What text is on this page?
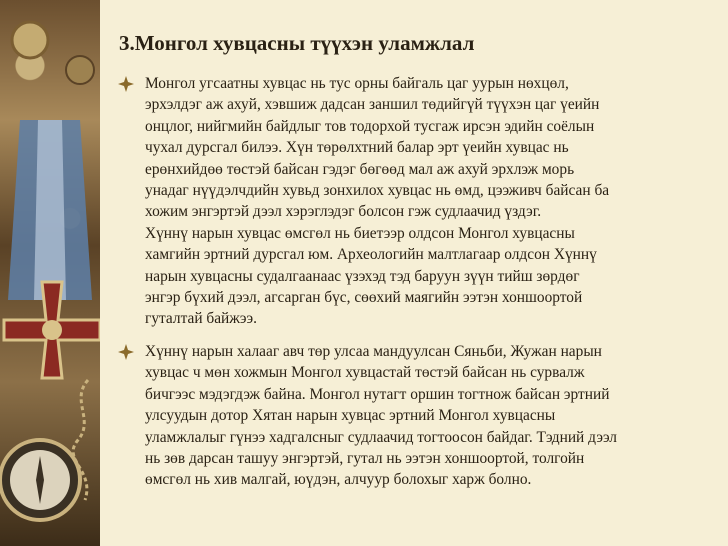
3.Монгол хувцасны түүхэн уламжлал
Монгол угсаатны хувцас нь тус орны байгаль цаг уурын нөхцөл,
эрхэлдэг аж ахуй, хэвшиж дадсан заншил төдийгүй түүхэн цаг үеийн
онцлог, нийгмийн байдлыг тов тодорхой тусгаж ирсэн эдийн соёлын
чухал дурсгал билээ. Хүн төрөлхтний балар эрт үеийн хувцас нь
ерөнхийдөө төстэй байсан гэдэг бөгөөд мал аж ахуй эрхлэж морь
унадаг нүүдэлчдийн хувьд зонхилох хувцас нь өмд, цээживч байсан ба
хожим энгэртэй дээл хэрэглэдэг болсон гэж судлаачид үздэг.
Хүннү нарын хувцас өмсгөл нь биетээр олдсон Монгол хувцасны
хамгийн эртний дурсгал юм. Археологийн малтлагаар олдсон Хүннү
нарын хувцасны судалгаанаас үзэхэд тэд баруун зүүн тийш зөрдөг
энгэр бүхий дээл, агсарган бүс, сөөхий маягийн ээтэн хоншоортой
гуталтай байжээ.
Хүннү нарын халааг авч төр улсаа мандуулсан Сяньби, Жужан нарын
хувцас ч мөн хожмын Монгол хувцастай төстэй байсан нь сурвалж
бичгээс мэдэгдэж байна. Монгол нутагт оршин тогтнож байсан эртний
улсуудын дотор Хятан нарын хувцас эртний Монгол хувцасны
уламжлалыг гүнээ хадгалсныг судлаачид тогтоосон байдаг. Тэдний дээл
нь зөв дарсан ташуу энгэртэй, гутал нь ээтэн хоншоортой, толгойн
өмсгөл нь хив малгай, юүдэн, алчуур болохыг харж болно.
